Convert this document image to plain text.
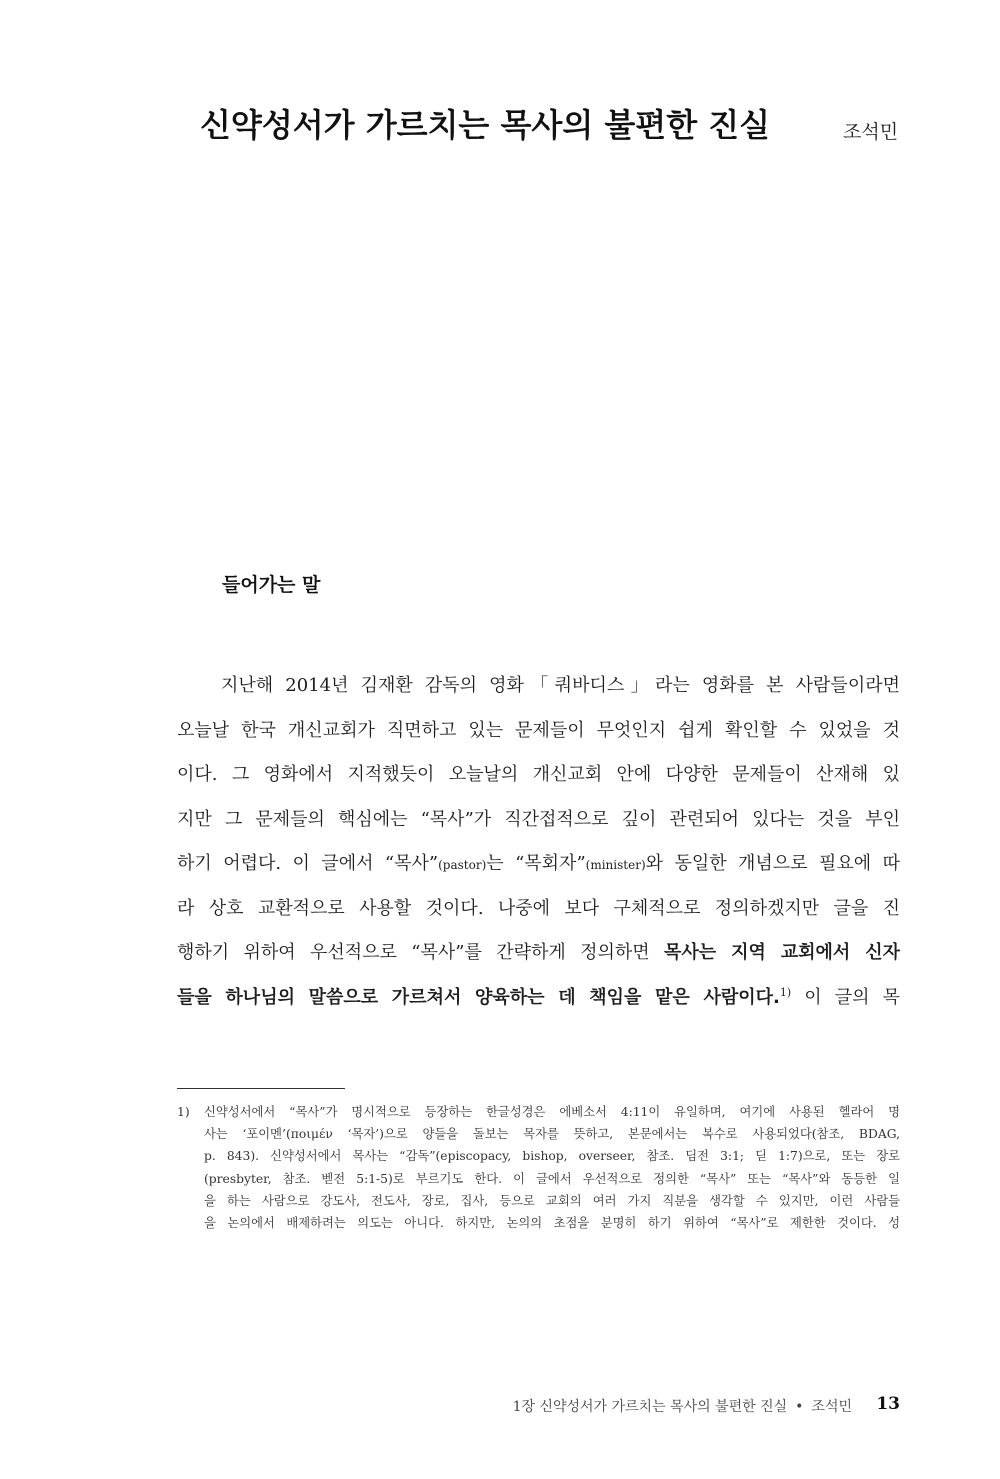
신약성서가 가르치는 목사의 불편한 진실	조석민
들어가는 말
지난해 2014년 김재환 감독의 영화「쿼바디스」라는 영화를 본 사람들이라면
오늘날 한국 개신교회가 직면하고 있는 문제들이 무엇인지 쉽게 확인할 수 있었을 것
이다. 그 영화에서 지적했듯이 오늘날의 개신교회 안에 다양한 문제들이 산재해 있
지만 그 문제들의 핵심에는 “목사”가 직간접적으로 깊이 관련되어 있다는 것을 부인
하기 어렵다. 이 글에서 “목사”(pastor)는 “목회자”(minister)와 동일한 개념으로 필요에 따
라 상호 교환적으로 사용할 것이다. 나중에 보다 구체적으로 정의하겠지만 글을 진
행하기 위하여 우선적으로 “목사”를 간략하게 정의하면 목사는 지역 교회에서 신자
들을 하나님의 말씀으로 가르쳐서 양육하는 데 책임을 맡은 사람이다.$^{1)}$ 이 글의 목
1) 신약성서에서 “목사”가 명시적으로 등장하는 한글성경은 에베소서 4:11이 유일하며, 여기에 사용된 헬라어 명
사는 ‘포이멘’(ποιμέν ‘목자’)으로 양들을 돌보는 목자를 뜻하고, 본문에서는 복수로 사용되었다(참조, BDAG,
p. 843). 신약성서에서 목사는 “감독”(episcopacy, bishop, overseer, 참조. 딤전 3:1; 딛 1:7)으로, 또는 장로
(presbyter, 참조. 벧전 5:1-5)로 부르기도 한다. 이 글에서 우선적으로 정의한 “목사” 또는 “목사”와 동등한 일
을 하는 사람으로 강도사, 전도사, 장로, 집사, 등으로 교회의 여러 가지 직분을 생각할 수 있지만, 이런 사람들
을 논의에서 배제하려는 의도는 아니다. 하지만, 논의의 초점을 분명히 하기 위하여 “목사”로 제한한 것이다. 성
1장 신약성서가 가르치는 목사의 불편한 진실 • 조석민 13
